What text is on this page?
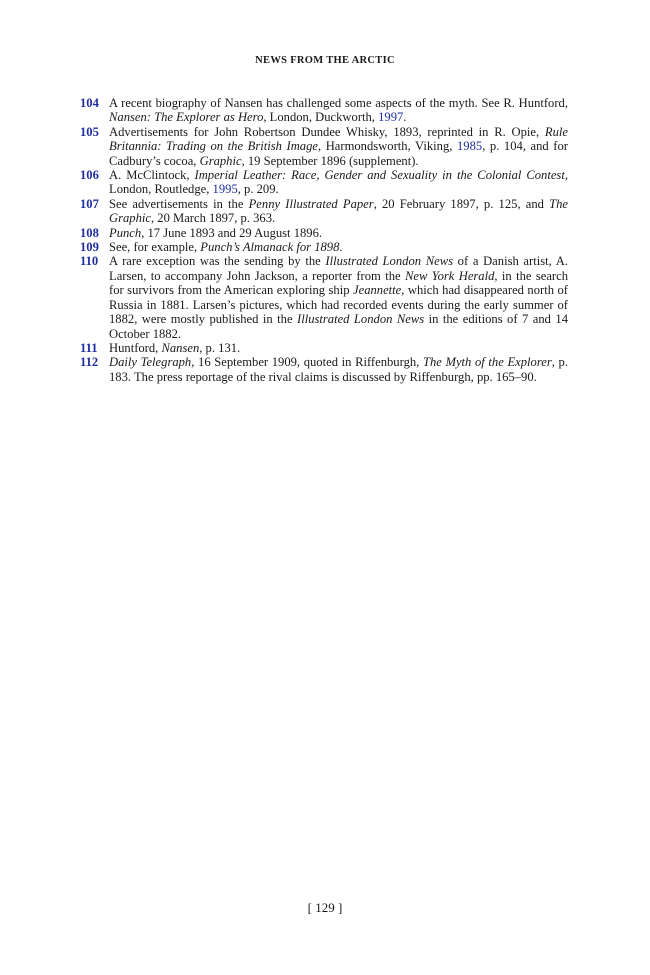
NEWS FROM THE ARCTIC
104 A recent biography of Nansen has challenged some aspects of the myth. See R. Huntford, Nansen: The Explorer as Hero, London, Duckworth, 1997.
105 Advertisements for John Robertson Dundee Whisky, 1893, reprinted in R. Opie, Rule Britannia: Trading on the British Image, Harmondsworth, Viking, 1985, p. 104, and for Cadbury’s cocoa, Graphic, 19 September 1896 (supplement).
106 A. McClintock, Imperial Leather: Race, Gender and Sexuality in the Colonial Contest, London, Routledge, 1995, p. 209.
107 See advertisements in the Penny Illustrated Paper, 20 February 1897, p. 125, and The Graphic, 20 March 1897, p. 363.
108 Punch, 17 June 1893 and 29 August 1896.
109 See, for example, Punch’s Almanack for 1898.
110 A rare exception was the sending by the Illustrated London News of a Danish artist, A. Larsen, to accompany John Jackson, a reporter from the New York Herald, in the search for survivors from the American exploring ship Jeannette, which had disappeared north of Russia in 1881. Larsen’s pictures, which had recorded events during the early summer of 1882, were mostly published in the Illustrated London News in the editions of 7 and 14 October 1882.
111 Huntford, Nansen, p. 131.
112 Daily Telegraph, 16 September 1909, quoted in Riffenburgh, The Myth of the Explorer, p. 183. The press reportage of the rival claims is discussed by Riffenburgh, pp. 165–90.
[ 129 ]
